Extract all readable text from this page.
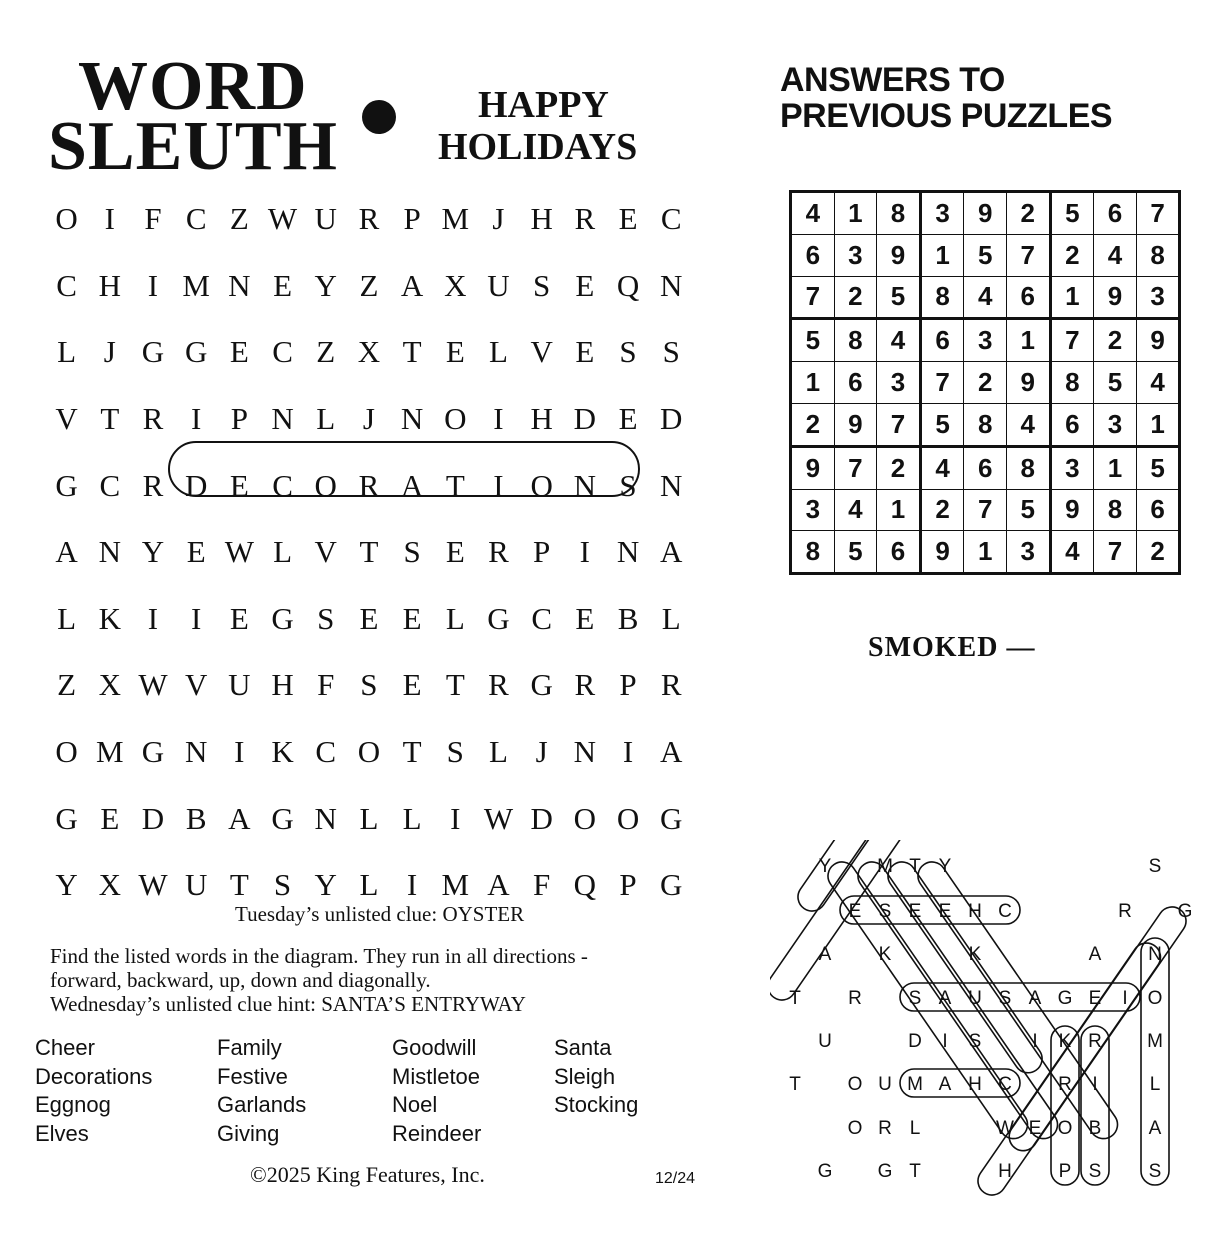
WORD
SLEUTH
HAPPY
HOLIDAYS
O I F C Z W U R P M J H R E C
C H I M N E Y Z A X U S E Q N
L J G G E C Z X T E L V E S S
V T R I P N L J N O I H D E D
G C R D E C O R A T I O N S N
A N Y E W L V T S E R P I N A
L K I	I E G S E E L G C E B L
Z X W V U H F S E T R G R P R
O M G N I K C O T S L J N I A
G E D B A G N L L I W D O O G
Y X W U T S Y L I M A F Q P G
Tuesday’s unlisted clue: OYSTER
Find the listed words in the diagram. They run in all directions -
forward, backward, up, down and diagonally.
Wednesday’s unlisted clue hint: SANTA’S ENTRYWAY
Cheer
Decorations
Eggnog
Elves
Family
Festive
Garlands
Giving
Goodwill
Mistletoe
Noel
Reindeer
Santa
Sleigh
Stocking
©2025 King Features, Inc.	12/24
ANSWERS TO
PREVIOUS PUZZLES
4	1	8	3	9	2	5	6	7
6	3	9	1	5	7	2	4	8
7	2	5	8	4	6	1	9	3
5	8	4	6	3	1	7	2	9
1	6	3	7	2	9	8	5	4
2	9	7	5	8	4	6	3	1
9	7	2	4	6	8	3	1	5
3	4	1	2	7	5	9	8	6
8	5	6	9	1	3	4	7	2
SMOKED —
Y M T Y	S
E S E E H C	R G
A K	K	A N
T R S A U S A G E I O
U	D I S	I K R M
T O U M A H C R I	L
O R L	W E O B A
G G T	H P S S
